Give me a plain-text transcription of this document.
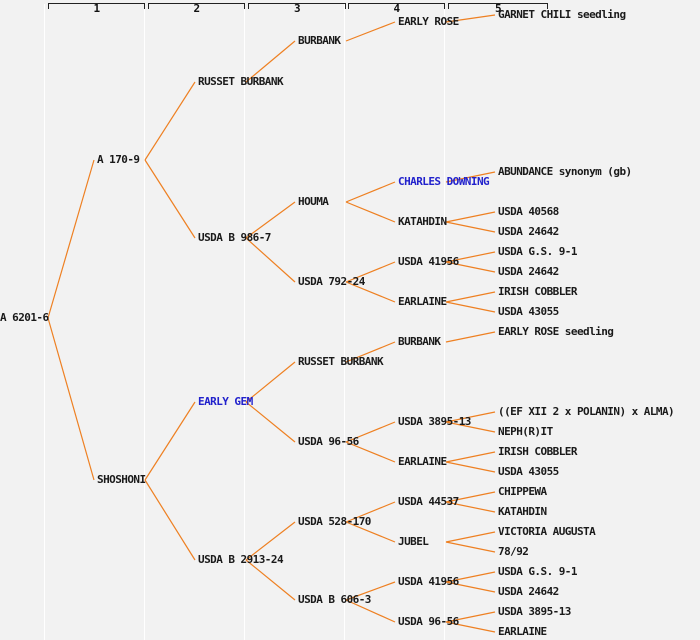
1	2	3	4	5
A 6201-6
A 170-9
SHOSHONI
RUSSET BURBANK
USDA B 986-7
EARLY GEM
USDA B 2913-24
BURBANK
HOUMA
USDA 792-24
RUSSET BURBANK
USDA 96-56
USDA 528-170
USDA B 606-3
EARLY ROSE
CHARLES DOWNING
KATAHDIN
USDA 41956
EARLAINE
BURBANK
USDA 3895-13
EARLAINE
USDA 44537
JUBEL
USDA 41956
USDA 96-56
GARNET CHILI seedling
ABUNDANCE synonym (gb)
USDA 40568
USDA 24642
USDA G.S. 9-1
USDA 24642
IRISH COBBLER
USDA 43055
EARLY ROSE seedling
((EF XII 2 x POLANIN) x ALMA)
NEPH(R)IT
IRISH COBBLER
USDA 43055
CHIPPEWA
KATAHDIN
VICTORIA AUGUSTA
78/92
USDA G.S. 9-1
USDA 24642
USDA 3895-13
EARLAINE
